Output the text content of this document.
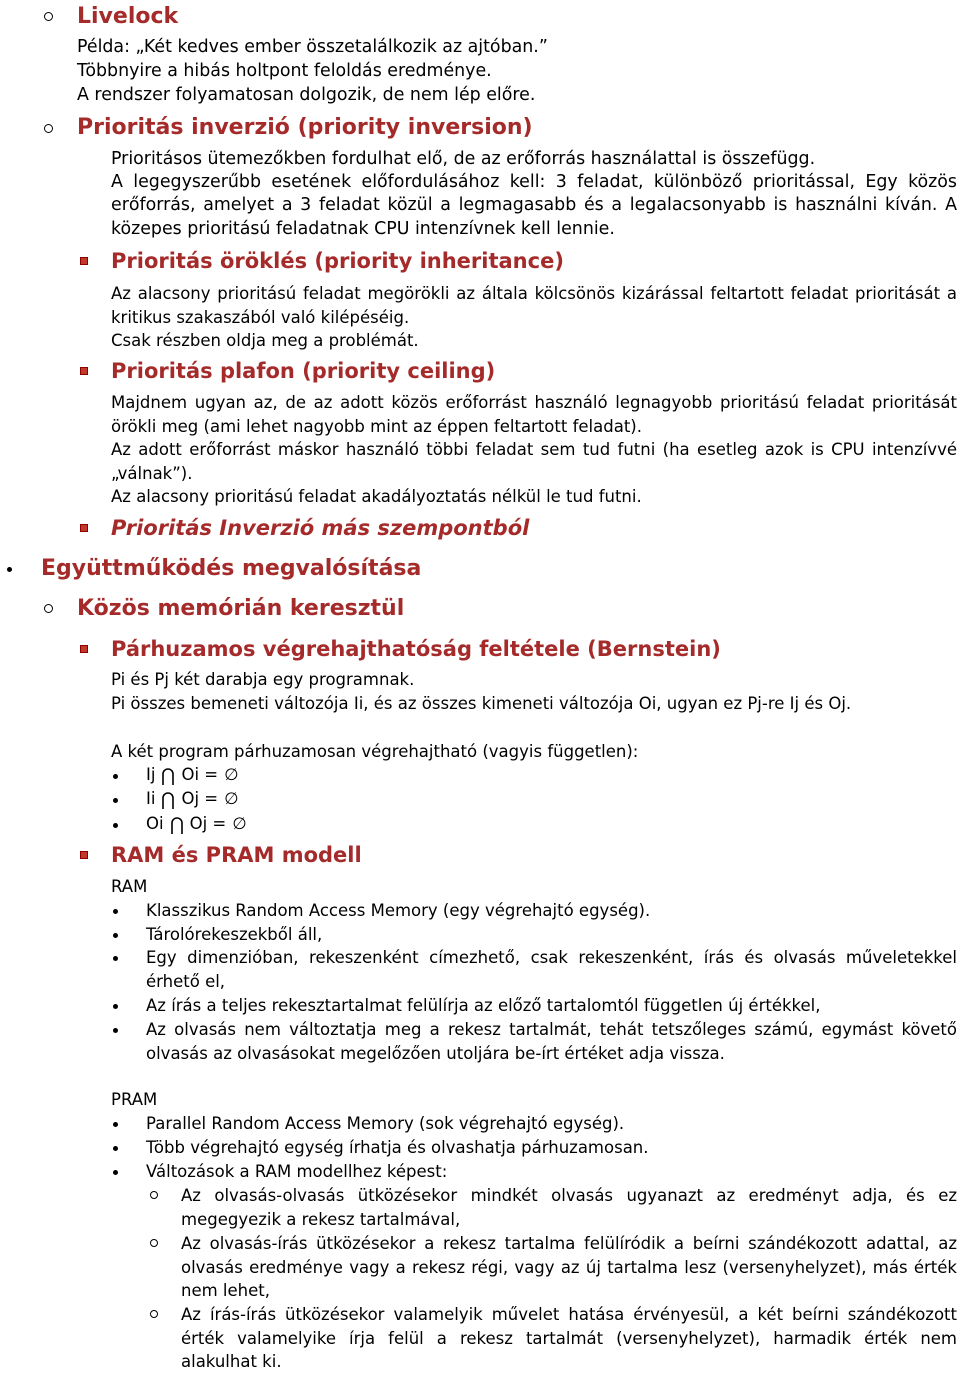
Livelock
Példa: „Két kedves ember összetalálkozik az ajtóban.”
Többnyire a hibás holtpont feloldás eredménye.
A rendszer folyamatosan dolgozik, de nem lép előre.
Prioritás inverzió (priority inversion)
Prioritásos ütemezőkben fordulhat elő, de az erőforrás használattal is összefügg.
A legegyszerűbb esetének előfordulásához kell: 3 feladat, különböző prioritással, Egy közös erőforrás, amelyet a 3 feladat közül a legmagasabb és a legalacsonyabb is használni kíván. A közepes prioritású feladatnak CPU intenzívnek kell lennie.
Prioritás öröklés (priority inheritance)
Az alacsony prioritású feladat megörökli az általa kölcsönös kizárással feltartott feladat prioritását a kritikus szakaszából való kilépéséig.
Csak részben oldja meg a problémát.
Prioritás plafon (priority ceiling)
Majdnem ugyan az, de az adott közös erőforrást használó legnagyobb prioritású feladat prioritását örökli meg (ami lehet nagyobb mint az éppen feltartott feladat).
Az adott erőforrást máskor használó többi feladat sem tud futni (ha esetleg azok is CPU intenzívvé „válnak”).
Az alacsony prioritású feladat akadályoztatás nélkül le tud futni.
Prioritás Inverzió más szempontból
Együttműködés megvalósítása
Közös memórián keresztül
Párhuzamos végrehajthatóság feltétele (Bernstein)
Pi és Pj két darabja egy programnak.
Pi összes bemeneti változója Ii, és az összes kimeneti változója Oi, ugyan ez Pj-re Ij és Oj.
A két program párhuzamosan végrehajtható (vagyis független):
Ij Oi = ∅
Ii Oj = ∅
Oi Oj = ∅
RAM és PRAM modell
RAM
Klasszikus Random Access Memory (egy végrehajtó egység).
Tárolórekeszekből áll,
Egy dimenzióban, rekeszenként címezhető, csak rekeszenként, írás és olvasás műveletekkel érhető el,
Az írás a teljes rekesztartalmat felülírja az előző tartalomtól független új értékkel,
Az olvasás nem változtatja meg a rekesz tartalmát, tehát tetszőleges számú, egymást követő olvasás az olvasásokat megelőzően utoljára be-írt értéket adja vissza.
PRAM
Parallel Random Access Memory (sok végrehajtó egység).
Több végrehajtó egység írhatja és olvashatja párhuzamosan.
Változások a RAM modellhez képest:
Az olvasás-olvasás ütközésekor mindkét olvasás ugyanazt az eredményt adja, és ez megegyezik a rekesz tartalmával,
Az olvasás-írás ütközésekor a rekesz tartalma felülíródik a beírni szándékozott adattal, az olvasás eredménye vagy a rekesz régi, vagy az új tartalma lesz (versenyhelyzet), más érték nem lehet,
Az írás-írás ütközésekor valamelyik művelet hatása érvényesül, a két beírni szándékozott érték valamelyike írja felül a rekesz tartalmát (versenyhelyzet), harmadik érték nem alakulhat ki.
